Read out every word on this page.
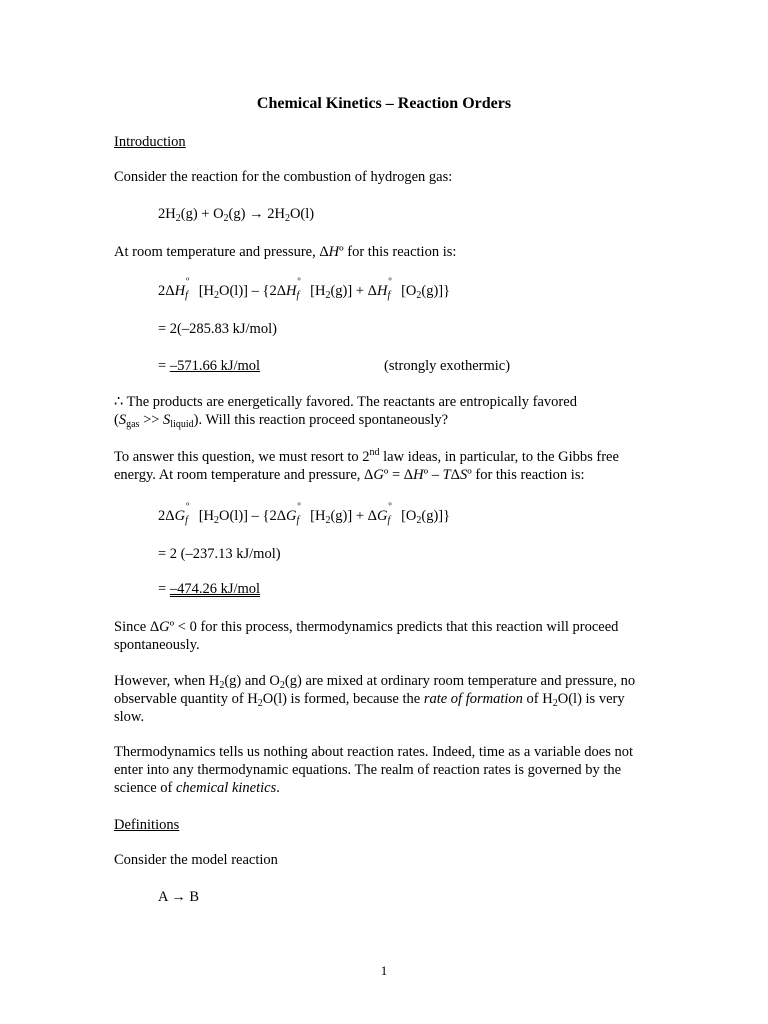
Chemical Kinetics – Reaction Orders
Introduction
Consider the reaction for the combustion of hydrogen gas:
$2H_2(g) + O_2(g) \to 2H_2O(l)$
At room temperature and pressure, ΔHº for this reaction is:
2ΔH
º
$_f$ $[H_2O(l)] - \{2\Delta H$
º
$_f$ $[H_2(g)] + \Delta H$
º
$_f$ $[O_2(g)]$}
= 2(–285.83 kJ/mol)
= –571.66 kJ/mol	(strongly exothermic)
∴ The products are energetically favored. The reactants are entropically favored
$(S_{gas} >> S_{liquid})$. Will this reaction proceed spontaneously?
To answer this question, we must resort to 2nd law ideas, in particular, to the Gibbs free
energy. At room temperature and pressure, ΔGº = ΔHº – TΔSº for this reaction is:
2ΔG
º
$_f$ $[H_2O(l)] - \{2\Delta G$
º
$_f$ $[H_2(g)] + \Delta G$
º
$_f$ $[O_2(g)]$}
= 2 (–237.13 kJ/mol)
= –474.26 kJ/mol
Since ΔGº < 0 for this process, thermodynamics predicts that this reaction will proceed
spontaneously.
However, when $H_2(g)$ and $O_2(g)$ are mixed at ordinary room temperature and pressure, no
observable quantity of $H_2O(l)$ is formed, because the rate of formation of $H_2O(l)$ is very
slow.
Thermodynamics tells us nothing about reaction rates. Indeed, time as a variable does not
enter into any thermodynamic equations. The realm of reaction rates is governed by the
science of chemical kinetics.
Definitions
Consider the model reaction
A → B
1
